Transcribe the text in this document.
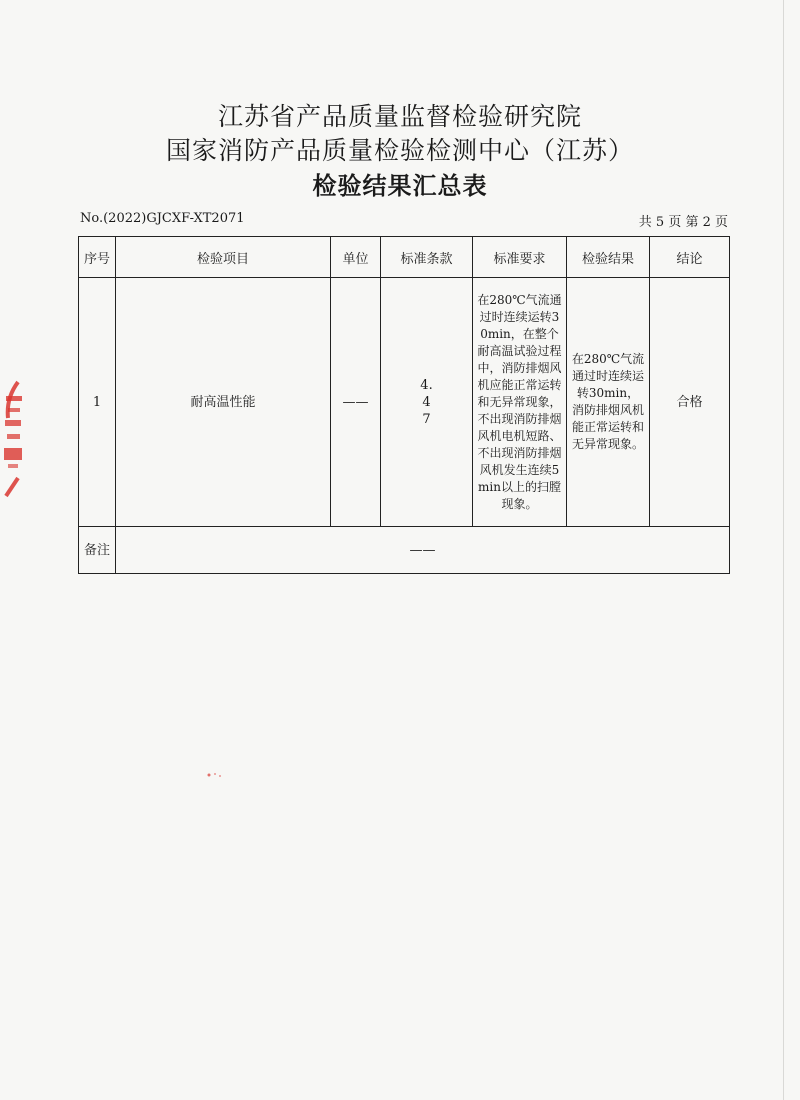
江苏省产品质量监督检验研究院
国家消防产品质量检验检测中心（江苏）
检验结果汇总表
No.(2022)GJCXF-XT2071	共 5 页 第 2 页
序号	检验项目	单位	标准条款	标准要求	检验结果	结论

1	耐高温性能	——	4.47	在280℃气流通过时连续运转30min，在整个耐高温试验过程中，消防排烟风机应能正常运转和无异常现象，不出现消防排烟风机电机短路、不出现消防排烟风机发生连续5min以上的扫膛现象。	在280℃气流通过时连续运转30min，消防排烟风机能正常运转和无异常现象。	合格

备注	——					
